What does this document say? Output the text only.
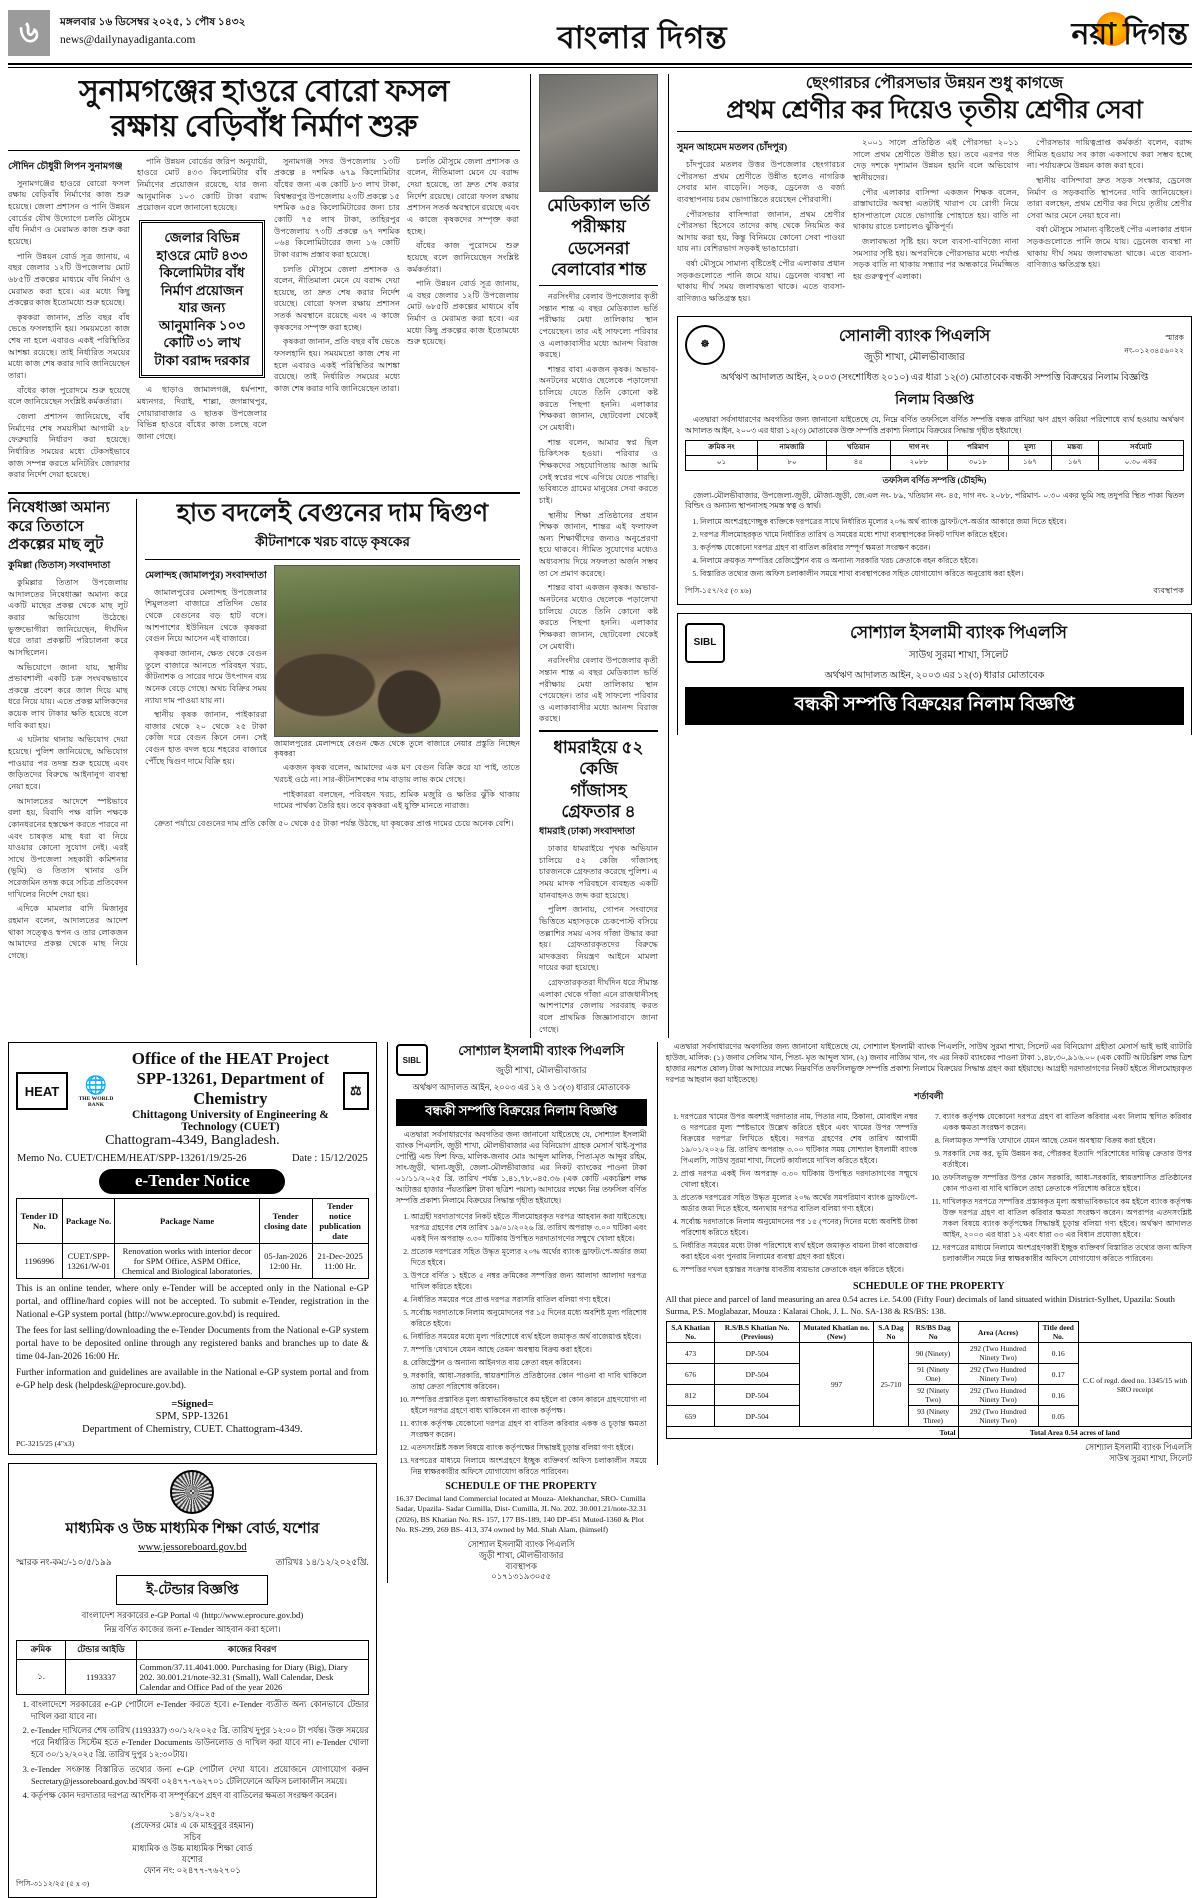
৬	মঙ্গলবার ১৬ ডিসেম্বর ২০২৫, ১ পৌষ ১৪৩২
news@dailynayadiganta.com	বাংলার দিগন্ত	নয়া দিগন্ত
সুনামগঞ্জের হাওরে বোরো ফসল
রক্ষায় বেড়িবাঁধ নির্মাণ শুরু
সৌদিন চৌধুরী লিপন সুনামগঞ্জ

সুনামগঞ্জের হাওরে বোরো ফসল রক্ষায় বেড়িবাঁধ নির্মাণের কাজ শুরু হয়েছে। জেলা প্রশাসন ও পানি উন্নয়ন বোর্ডের যৌথ উদ্যোগে চলতি মৌসুমে বাঁধ নির্মাণ ও মেরামত কাজ শুরু করা হয়েছে।

পানি উন্নয়ন বোর্ড সূত্র জানায়, এ বছর জেলার ১২টি উপজেলায় মোট ৬৮৫টি প্রকল্পের মাধ্যমে বাঁধ নির্মাণ ও মেরামত করা হবে। এর মধ্যে কিছু প্রকল্পের কাজ ইতোমধ্যে শুরু হয়েছে।

কৃষকরা জানান, প্রতি বছর বাঁধ ভেঙে ফসলহানি হয়। সময়মতো কাজ শেষ না হলে এবারও একই পরিস্থিতির আশঙ্কা রয়েছে। তাই নির্ধারিত সময়ের মধ্যে কাজ শেষ করার দাবি জানিয়েছেন তারা।

বাঁধের কাজ পুরোদমে শুরু হয়েছে বলে জানিয়েছেন সংশ্লিষ্ট কর্মকর্তারা।

জেলা প্রশাসন জানিয়েছে, বাঁধ নির্মাণের শেষ সময়সীমা আগামী ২৮ ফেব্রুয়ারি নির্ধারণ করা হয়েছে। নির্ধারিত সময়ের মধ্যে টেকসইভাবে কাজ সম্পন্ন করতে মনিটরিং জোরদার করার নির্দেশ দেয়া হয়েছে।

পানি উন্নয়ন বোর্ডের জরিপ অনুযায়ী, হাওরে মোট ৪৩৩ কিলোমিটার বাঁধ নির্মাণের প্রয়োজন রয়েছে, যার জন্য আনুমানিক ১০৩ কোটি টাকা বরাদ্দ প্রয়োজন বলে জানানো হয়েছে।

জেলার বিভিন্ন হাওরে মোট ৪৩৩ কিলোমিটার বাঁধ নির্মাণ প্রয়োজন যার জন্য আনুমানিক ১০৩ কোটি ৩১ লাখ টাকা বরাদ্দ দরকার

এ ছাড়াও জামালগঞ্জ, ধর্মপাশা, মধ্যনগর, দিরাই, শাল্লা, জগন্নাথপুর, দোয়ারাবাজার ও ছাতক উপজেলার বিভিন্ন হাওরে বাঁধের কাজ চলছে বলে জানা গেছে।

সুনামগঞ্জ সদর উপজেলায় ১৩টি প্রকল্পে ৪ দশমিক ৬৭৯ কিলোমিটার বাঁধের জন্য এক কোটি ৮৩ লাখ টাকা, বিশ্বম্ভরপুর উপজেলায় ২৩টি প্রকল্পে ১৫ দশমিক ৬৫৪ কিলোমিটারের জন্য চার কোটি ৭৫ লাখ টাকা, তাহিরপুর উপজেলায় ৭৩টি প্রকল্পে ৬৭ দশমিক ০৬৪ কিলোমিটারের জন্য ১৬ কোটি টাকা বরাদ্দ প্রস্তাব করা হয়েছে।

চলতি মৌসুমে জেলা প্রশাসক ও বলেন, নীতিমালা মেনে যে বরাদ্দ দেয়া হয়েছে, তা দ্রুত শেষ করার নির্দেশ রয়েছে। বোরো ফসল রক্ষায় প্রশাসন সতর্ক অবস্থানে রয়েছে এবং এ কাজে কৃষকদের সম্পৃক্ত করা হচ্ছে।

কৃষকরা জানান, প্রতি বছর বাঁধ ভেঙে ফসলহানি হয়। সময়মতো কাজ শেষ না হলে এবারও একই পরিস্থিতির আশঙ্কা রয়েছে। তাই নির্ধারিত সময়ের মধ্যে কাজ শেষ করার দাবি জানিয়েছেন তারা।

চলতি মৌসুমে জেলা প্রশাসক ও বলেন, নীতিমালা মেনে যে বরাদ্দ দেয়া হয়েছে, তা দ্রুত শেষ করার নির্দেশ রয়েছে। বোরো ফসল রক্ষায় প্রশাসন সতর্ক অবস্থানে রয়েছে এবং এ কাজে কৃষকদের সম্পৃক্ত করা হচ্ছে।

বাঁধের কাজ পুরোদমে শুরু হয়েছে বলে জানিয়েছেন সংশ্লিষ্ট কর্মকর্তারা।

পানি উন্নয়ন বোর্ড সূত্র জানায়, এ বছর জেলার ১২টি উপজেলায় মোট ৬৮৫টি প্রকল্পের মাধ্যমে বাঁধ নির্মাণ ও মেরামত করা হবে। এর মধ্যে কিছু প্রকল্পের কাজ ইতোমধ্যে শুরু হয়েছে।

নিষেধাজ্ঞা অমান্য করে তিতাসে প্রকল্পের মাছ লুট
কুমিল্লা (তিতাস) সংবাদদাতা

কুমিল্লার তিতাস উপজেলায় আদালতের নিষেধাজ্ঞা অমান্য করে একটি মাছের প্রকল্প থেকে মাছ লুট করার অভিযোগ উঠেছে। ভুক্তভোগীরা জানিয়েছেন, দীর্ঘদিন ধরে তারা প্রকল্পটি পরিচালনা করে আসছিলেন।

অভিযোগে জানা যায়, স্থানীয় প্রভাবশালী একটি চক্র সংঘবদ্ধভাবে প্রকল্পে প্রবেশ করে জাল দিয়ে মাছ ধরে নিয়ে যায়। এতে প্রকল্প মালিকদের কয়েক লাখ টাকার ক্ষতি হয়েছে বলে দাবি করা হয়।

এ ঘটনায় থানায় অভিযোগ দেয়া হয়েছে। পুলিশ জানিয়েছে, অভিযোগ পাওয়ার পর তদন্ত শুরু হয়েছে এবং জড়িতদের বিরুদ্ধে আইনানুগ ব্যবস্থা নেয়া হবে।

আদালতের আদেশে স্পষ্টভাবে বলা হয়, বিবাদি পক্ষ বালি পক্ষকে কোনধরনের হস্তক্ষেপ করতে পারবে না এবং চাষকৃত মাছ ধরা বা নিয়ে যাওয়ার কোনো সুযোগ নেই। এরই সাথে উপজেলা সহকারী কমিশনার (ভূমি) ও তিতাস থানার ওসি সরেজমিন তদন্ত করে সচিত্র প্রতিবেদন দাখিলের নির্দেশ দেয়া হয়।

এদিকে মামলার বাদি মিজানুর রহমান বলেন, আদালতের আদেশ থাকা সত্ত্বেও স্বপন ও তার লোকজন আমাদের প্রকল্প থেকে মাছ নিয়ে গেছে।

হাত বদলেই বেগুনের দাম দ্বিগুণ
কীটনাশকে খরচ বাড়ে কৃষকের
মেলান্দহ (জামালপুর) সংবাদদাতা

জামালপুরের মেলান্দহ উপজেলার শিমুলতলা বাজারে প্রতিদিন ভোর থেকে বেগুনের বড় হাট বসে। আশপাশের ইউনিয়ন থেকে কৃষকরা বেগুন নিয়ে আসেন এই বাজারে।

কৃষকরা জানান, ক্ষেত থেকে বেগুন তুলে বাজারে আনতে পরিবহন খরচ, কীটনাশক ও সারের দামে উৎপাদন ব্যয় অনেক বেড়ে গেছে। অথচ বিক্রির সময় ন্যায্য দাম পাওয়া যায় না।

স্থানীয় কৃষক জানান, পাইকাররা বাজার থেকে ২০ থেকে ২৫ টাকা কেজি দরে বেগুন কিনে নেন। সেই বেগুন হাত বদল হয়ে শহরের বাজারে পৌঁছে দ্বিগুণ দামে বিক্রি হয়।

জামালপুরের মেলান্দহে বেগুন ক্ষেত থেকে তুলে বাজারে নেয়ার প্রস্তুতি নিচ্ছেন কৃষকরা

একজন কৃষক বলেন, আমাদের এক মণ বেগুন বিক্রি করে যা পাই, তাতে খরচই ওঠে না। সার-কীটনাশকের দাম বাড়ায় লাভ কমে গেছে।

পাইকাররা বলছেন, পরিবহন খরচ, শ্রমিক মজুরি ও ক্ষতির ঝুঁকি থাকায় দামের পার্থক্য তৈরি হয়। তবে কৃষকরা এই যুক্তি মানতে নারাজ।

ক্রেতা পর্যায়ে বেগুনের দাম প্রতি কেজি ৫০ থেকে ৫৫ টাকা পর্যন্ত উঠছে, যা কৃষকের প্রাপ্ত দামের চেয়ে অনেক বেশি।

মেডিক্যাল ভর্তি
পরীক্ষায় ডেসেনরা
বেলাবোর শান্ত

নরসিংদীর বেলাব উপজেলার কৃতী সন্তান শান্ত এ বছর মেডিক্যাল ভর্তি পরীক্ষায় মেধা তালিকায় স্থান পেয়েছেন। তার এই সাফল্যে পরিবার ও এলাকাবাসীর মধ্যে আনন্দ বিরাজ করছে।

শান্তর বাবা একজন কৃষক। অভাব-অনটনের মধ্যেও ছেলেকে পড়ালেখা চালিয়ে যেতে তিনি কোনো কষ্ট করতে পিছপা হননি। এলাকার শিক্ষকরা জানান, ছোটবেলা থেকেই সে মেধাবী।

শান্ত বলেন, আমার স্বপ্ন ছিল চিকিৎসক হওয়া। পরিবার ও শিক্ষকদের সহযোগিতায় আজ আমি সেই স্বপ্নের পথে এগিয়ে যেতে পারছি। ভবিষ্যতে গ্রামের মানুষের সেবা করতে চাই।

স্থানীয় শিক্ষা প্রতিষ্ঠানের প্রধান শিক্ষক জানান, শান্তর এই ফলাফল অন্য শিক্ষার্থীদের জন্যও অনুপ্রেরণা হয়ে থাকবে। সীমিত সুযোগের মধ্যেও অধ্যবসায় দিয়ে সফলতা অর্জন সম্ভব তা সে প্রমাণ করেছে।

শান্তর বাবা একজন কৃষক। অভাব-অনটনের মধ্যেও ছেলেকে পড়ালেখা চালিয়ে যেতে তিনি কোনো কষ্ট করতে পিছপা হননি। এলাকার শিক্ষকরা জানান, ছোটবেলা থেকেই সে মেধাবী।

নরসিংদীর বেলাব উপজেলার কৃতী সন্তান শান্ত এ বছর মেডিক্যাল ভর্তি পরীক্ষায় মেধা তালিকায় স্থান পেয়েছেন। তার এই সাফল্যে পরিবার ও এলাকাবাসীর মধ্যে আনন্দ বিরাজ করছে।

ধামরাইয়ে ৫২ কেজি
গাঁজাসহ গ্রেফতার ৪
ধামরাই (ঢাকা) সংবাদদাতা

ঢাকার ধামরাইয়ে পৃথক অভিযান চালিয়ে ৫২ কেজি গাঁজাসহ চারজনকে গ্রেফতার করেছে পুলিশ। এ সময় মাদক পরিবহনে ব্যবহৃত একটি যানবাহনও জব্দ করা হয়েছে।

পুলিশ জানায়, গোপন সংবাদের ভিত্তিতে মহাসড়কে চেকপোস্ট বসিয়ে তল্লাশির সময় এসব গাঁজা উদ্ধার করা হয়। গ্রেফতারকৃতদের বিরুদ্ধে মাদকদ্রব্য নিয়ন্ত্রণ আইনে মামলা দায়ের করা হয়েছে।

গ্রেফতারকৃতরা দীর্ঘদিন ধরে সীমান্ত এলাকা থেকে গাঁজা এনে রাজধানীসহ আশপাশের জেলায় সরবরাহ করত বলে প্রাথমিক জিজ্ঞাসাবাদে জানা গেছে।

ছেংগারচর পৌরসভার উন্নয়ন শুধু কাগজে
প্রথম শ্রেণীর কর দিয়েও তৃতীয় শ্রেণীর সেবা
সুমন আহমেদ মতলব (চাঁদপুর)

চাঁদপুরের মতলব উত্তর উপজেলার ছেংগারচর পৌরসভা প্রথম শ্রেণীতে উন্নীত হলেও নাগরিক সেবার মান বাড়েনি। সড়ক, ড্রেনেজ ও বর্জ্য ব্যবস্থাপনায় চরম ভোগান্তিতে রয়েছেন পৌরবাসী।

পৌরসভার বাসিন্দারা জানান, প্রথম শ্রেণীর পৌরসভা হিসেবে তাদের কাছ থেকে নিয়মিত কর আদায় করা হয়, কিন্তু বিনিময়ে কোনো সেবা পাওয়া যায় না। বেশিরভাগ সড়কই ভাঙাচোরা।

বর্ষা মৌসুমে সামান্য বৃষ্টিতেই পৌর এলাকার প্রধান সড়কগুলোতে পানি জমে যায়। ড্রেনেজ ব্যবস্থা না থাকায় দীর্ঘ সময় জলাবদ্ধতা থাকে। এতে ব্যবসা-বাণিজ্যও ক্ষতিগ্রস্ত হয়।

২০০১ সালে প্রতিষ্ঠিত এই পৌরসভা ২০১১ সালে প্রথম শ্রেণীতে উন্নীত হয়। তবে এরপর গত দেড় দশকে দৃশ্যমান উন্নয়ন হয়নি বলে অভিযোগ স্থানীয়দের।

পৌর এলাকার বাসিন্দা একজন শিক্ষক বলেন, রাস্তাঘাটের অবস্থা এতটাই খারাপ যে রোগী নিয়ে হাসপাতালে যেতে ভোগান্তি পোহাতে হয়। বাতি না থাকায় রাতে চলাচলও ঝুঁকিপূর্ণ।

জলাবদ্ধতা সৃষ্টি হয়। ফলে ব্যবসা-বাণিজ্যে নানা সমস্যার সৃষ্টি হয়। অপরদিকে পৌরসভার মধ্যে পর্যাপ্ত সড়ক বাতি না থাকায় সন্ধ্যার পর অন্ধকারে নিমজ্জিত হয় গুরুত্বপূর্ণ এলাকা।

পৌরসভার দায়িত্বপ্রাপ্ত কর্মকর্তা বলেন, বরাদ্দ সীমিত হওয়ায় সব কাজ একসাথে করা সম্ভব হচ্ছে না। পর্যায়ক্রমে উন্নয়ন কাজ করা হবে।

স্থানীয় বাসিন্দারা দ্রুত সড়ক সংস্কার, ড্রেনেজ নির্মাণ ও সড়কবাতি স্থাপনের দাবি জানিয়েছেন। তারা বলছেন, প্রথম শ্রেণীর কর দিয়ে তৃতীয় শ্রেণীর সেবা আর মেনে নেয়া হবে না।

বর্ষা মৌসুমে সামান্য বৃষ্টিতেই পৌর এলাকার প্রধান সড়কগুলোতে পানি জমে যায়। ড্রেনেজ ব্যবস্থা না থাকায় দীর্ঘ সময় জলাবদ্ধতা থাকে। এতে ব্যবসা-বাণিজ্যও ক্ষতিগ্রস্ত হয়।

☸	সোনালী ব্যাংক পিএলসি
জুড়ী শাখা, মৌলভীবাজার
স্মারক নং-০১২৩৪৫৬০২২
অর্থঋণ আদালত আইন, ২০০৩ (সংশোধিত ২০১০) এর ধারা ১২(৩) মোতাবেক বন্ধকী সম্পত্তি বিক্রয়ের নিলাম বিজ্ঞপ্তি
নিলাম বিজ্ঞপ্তি

এতদ্বারা সর্বসাধারণের অবগতির জন্য জানানো যাইতেছে যে, নিম্নে বর্ণিত তফসিলে বর্ণিত সম্পত্তি বন্ধক রাখিয়া ঋণ গ্রহণ করিয়া পরিশোধে ব্যর্থ হওয়ায় অর্থঋণ আদালত আইন, ২০০৩ এর ধারা ১২(৩) মোতাবেক উক্ত সম্পত্তি প্রকাশ্য নিলামে বিক্রয়ের সিদ্ধান্ত গৃহীত হইয়াছে।

ক্রমিক নং	নামজারি	খতিয়ান	দাগ নং	পরিমাণ	মূল্য	মন্তব্য	সর্বমোট
০১	৮০	৪৫	২০৮৮	৩০১৮	১৬৭	১৬৭	০.৩০ একর
তফসিল বর্ণিত সম্পত্তি (চৌহদ্দি)

জেলা-মৌলভীবাজার, উপজেলা-জুড়ী, মৌজা-জুড়ী, জে.এল নং- ৮৯, খতিয়ান নং- ৪৫, দাগ নং- ২০৮৮, পরিমাণ- ০.৩০ একর ভূমি সহ তদুপরি স্থিত পাকা দ্বিতল বিল্ডিং ও অন্যান্য স্থাপনাসহ সমস্ত স্বত্ব ও স্বার্থ।

1. নিলামে অংশগ্রহণেচ্ছুক ব্যক্তিকে দরপত্রের সাথে নির্ধারিত মূল্যের ২০% অর্থ ব্যাংক ড্রাফট/পে-অর্ডার আকারে জমা দিতে হইবে।
2. দরপত্র সীলমোহরকৃত খামে নির্ধারিত তারিখ ও সময়ের মধ্যে শাখা ব্যবস্থাপকের নিকট দাখিল করিতে হইবে।
3. কর্তৃপক্ষ যেকোনো দরপত্র গ্রহণ বা বাতিল করিবার সম্পূর্ণ ক্ষমতা সংরক্ষণ করেন।
4. নিলামে ক্রয়কৃত সম্পত্তির রেজিস্ট্রেশন ব্যয় ও অন্যান্য সরকারি খরচ ক্রেতাকে বহন করিতে হইবে।
5. বিস্তারিত তথ্যের জন্য অফিস চলাকালীন সময়ে শাখা ব্যবস্থাপকের সহিত যোগাযোগ করিতে অনুরোধ করা হইল।
পিসি-১৫৭/২৫ (৩ x৬)	ব্যবস্থাপক
SIBL
সোশ্যাল ইসলামী ব্যাংক পিএলসি
সাউথ সুরমা শাখা, সিলেট
অর্থঋণ আদালত আইন, ২০০৩ এর ১২(৩) ধারার মোতাবেক
বন্ধকী সম্পত্তি বিক্রয়ের নিলাম বিজ্ঞপ্তি
HEAT	🌐
THE WORLD BANK
Office of the HEAT Project
SPP-13261, Department of Chemistry
Chittagong University of Engineering & Technology (CUET)
⚖
Chattogram-4349, Bangladesh.
Memo No. CUET/CHEM/HEAT/SPP-13261/19/25-26	Date : 15/12/2025
e-Tender Notice
Tender ID No.	Package No.	Package Name	Tender closing date	Tender notice publication date
1196996	CUET/SPP-13261/W-01	Renovation works with interior decor for SPM Office, ASPM Office, Chemical and Biological laboratories.	05-Jan-2026 12:00 Hr.	21-Dec-2025 11:00 Hr.
This is an online tender, where only e-Tender will be accepted only in the National e-GP portal, and offline/hard copies will not be accepted. To submit e-Tender, registration in the National e-GP system portal (http://www.eprocure.gov.bd) is required.
The fees for last selling/downloading the e-Tender Documents from the National e-GP system portal have to be deposited online through any registered banks and branches up to date & time 04-Jan-2026 16:00 Hr.
Further information and guidelines are available in the National e-GP system portal and from e-GP help desk (helpdesk@eprocure.gov.bd).
=Signed=
SPM, SPP-13261
Department of Chemistry, CUET. Chattogram-4349.
PC-3215/25 (4"x3)
মাধ্যমিক ও উচ্চ মাধ্যমিক শিক্ষা বোর্ড, যশোর
www.jessoreboard.gov.bd
স্মারক নং-কম:/-১০/৫/১৯৯	তারিখঃ ১৪/১২/২০২৫খ্রি.
ই-টেন্ডার বিজ্ঞপ্তি
বাংলাদেশ সরকারের e-GP Portal এ (http://www.eprocure.gov.bd)
নিম্ন বর্ণিত কাজের জন্য e-Tender আহবান করা হলো।
ক্রমিক	টেন্ডার আইডি	কাজের বিবরণ
১.	1193337	Common/37.11.4041.000. Purchasing for Diary (Big), Diary 202. 30.001.21/note-32.31 (Small), Wall Calendar, Desk Calendar and Office Pad of the year 2026
1. বাংলাদেশে সরকারের e-GP পোর্টালে e-Tender করতে হবে। e-Tender ব্যতীত অন্য কোনভাবে টেন্ডার দাখিল করা যাবে না।
2. e-Tender দাখিলের শেষ তারিখ (1193337) ৩০/১২/২০২৫ খ্রি. তারিখ দুপুর ১২:০০ টা পর্যন্ত। উক্ত সময়ের পরে নির্ধারিত সিস্টেম হতে e-Tender Documents ডাউনলোড ও দাখিল করা যাবে না। e-Tender খোলা হবে ৩০/১২/২০২৫ খ্রি. তারিখ দুপুর ১২:৩০টায়।
3. e-Tender সংক্রান্ত বিস্তারিত তথ্যের জন্য e-GP পোর্টাল দেখা যাবে। প্রয়োজনে যোগাযোগ করুন Secretary@jessoreboard.gov.bd অথবা ০২৪৭৭-৭৬২৭০১ টেলিফোনে অফিস চলাকালীন সময়ে।
4. কর্তৃপক্ষ কোন দরদাতার দরপত্র আংশিক বা সম্পূর্ণরূপে গ্রহণ বা বাতিলের ক্ষমতা সংরক্ষণ করেন।
১৪/১২/২০২৫
(প্রফেসর মোঃ এ কে মাহবুবুর রহমান)
সচিব
মাধ্যমিক ও উচ্চ মাধ্যমিক শিক্ষা বোর্ড
যশোর
ফোন নং: ০২৪৭৭-৭৬২৭০১
পিসি-৩১১২/২৫ (৫ x ৩)
SIBL
সোশ্যাল ইসলামী ব্যাংক পিএলসি
জুড়ী শাখা, মৌলভীবাজার
অর্থঋণ আদালত আইন, ২০০৩ এর ১২ ও ১৩(৩) ধারার মোতাবেক
বন্ধকী সম্পত্তি বিক্রয়ের নিলাম বিজ্ঞপ্তি

এতদ্বারা সর্বসাধারণের অবগতির জন্য জানানো যাইতেছে যে, সোশ্যাল ইসলামী ব্যাংক পিএলসি, জুড়ী শাখা, মৌলভীবাজার এর বিনিয়োগ গ্রাহক মেসার্স খাই-সুপার পোল্ট্রি এন্ড ফিশ ফিড, মালিক-জনাব মোঃ আব্দুল মালিক, পিতা-মৃত আব্দুর রহিম, সাং-জুড়ী, থানা-জুড়ী, জেলা-মৌলভীবাজার এর নিকট ব্যাংকের পাওনা টাকা ০১/১১/২০২৫ খ্রি. তারিখ পর্যন্ত ১,৪১,৭৮,০৪৫.৩৬ (এক কোটি একচল্লিশ লক্ষ আটাত্তর হাজার পঁয়তাল্লিশ টাকা ছত্রিশ পয়সা) আদায়ের লক্ষ্যে নিম্ন তফসিল বর্ণিত সম্পত্তি প্রকাশ্য নিলামে বিক্রয়ের সিদ্ধান্ত গৃহীত হইয়াছে।

1. আগ্রহী দরদাতাগণের নিকট হইতে সীলমোহরকৃত দরপত্র আহবান করা যাইতেছে। দরপত্র গ্রহণের শেষ তারিখ ১৯/০১/২০২৬ খ্রি. তারিখ অপরাহ্ন ৩.০০ ঘটিকা এবং একই দিন অপরাহ্ন ৩.৩০ ঘটিকায় উপস্থিত দরদাতাগণের সম্মুখে খোলা হইবে।
2. প্রত্যেক দরপত্রের সহিত উদ্ধৃত মূল্যের ২০% অর্থের ব্যাংক ড্রাফট/পে-অর্ডার জমা দিতে হইবে।
3. উপরে বর্ণিত ১ হইতে ৫ নম্বর ক্রমিকের সম্পত্তির জন্য আলাদা আলাদা দরপত্র দাখিল করিতে হইবে।
4. নির্ধারিত সময়ের পরে প্রাপ্ত দরপত্র সরাসরি বাতিল বলিয়া গণ্য হইবে।
5. সর্বোচ্চ দরদাতাকে নিলাম অনুমোদনের পর ১৫ দিনের মধ্যে অবশিষ্ট মূল্য পরিশোধ করিতে হইবে।
6. নির্ধারিত সময়ের মধ্যে মূল্য পরিশোধে ব্যর্থ হইলে জমাকৃত অর্থ বাজেয়াপ্ত হইবে।
7. সম্পত্তি 'যেখানে যেমন আছে তেমন' অবস্থায় বিক্রয় করা হইবে।
8. রেজিস্ট্রেশন ও অন্যান্য আইনগত ব্যয় ক্রেতা বহন করিবেন।
9. সরকারি, আধা-সরকারি, স্বায়ত্তশাসিত প্রতিষ্ঠানের কোন পাওনা বা দাবি থাকিলে তাহা ক্রেতা পরিশোধ করিবেন।
10. সম্পত্তির প্রস্তাবিত মূল্য অস্বাভাবিকভাবে কম হইলে বা কোন কারনে গ্রহণযোগ্য না হইলে দরপত্র গ্রহণে বাধ্য থাকিবেন না ব্যাংক কর্তৃপক্ষ।
11. ব্যাংক কর্তৃপক্ষ যেকোনো দরপত্র গ্রহণ বা বাতিল করিবার একক ও চূড়ান্ত ক্ষমতা সংরক্ষণ করেন।
12. এতদসংশ্লিষ্ট সকল বিষয়ে ব্যাংক কর্তৃপক্ষের সিদ্ধান্তই চূড়ান্ত বলিয়া গণ্য হইবে।
13. দরপত্রের মাধ্যমে নিলামে অংশগ্রহণে ইচ্ছুক ব্যক্তিবর্গ অফিস চলাকালীন সময়ে নিম্ন স্বাক্ষরকারীর অফিসে যোগাযোগ করিতে পারিবেন।
SCHEDULE OF THE PROPERTY
16.37 Decimal land Commercial located at Mouza- Alekhanchar, SRO- Cumilla Sadar, Upazila- Sadar Cumilla, Dist- Cumilla, JL No. 202. 30.001.21/note-32.31 (2026), BS Khatian No. RS- 157, 177 BS-189, 140 DP-451 Muted-1360 & Plot No. RS-299, 269 BS- 413, 374 owned by Md. Shah Alam, (himself)
সোশ্যাল ইসলামী ব্যাংক পিএলসি
জুড়ী শাখা, মৌলভীবাজার
ব্যবস্থাপক
০১৭১৩১৯৩০৫৫

এতদ্বারা সর্বসাধারণের অবগতির জন্য জানানো যাইতেছে যে, সোশ্যাল ইসলামী ব্যাংক পিএলসি, সাউথ সুরমা শাখা, সিলেট এর বিনিয়োগ গ্রহীতা মেসার্স ভাই ভাই ব্যাটারি হাউজ, মালিক: (১) জনাব সেলিম খান, পিতা- মৃত আব্দুল খান, (২) জনাব নাজিম খান, গং এর নিকট ব্যাংকের পাওনা টাকা ১,৪৮,৩০,৯১৬.০০ (এক কোটি আটচল্লিশ লক্ষ ত্রিশ হাজার নয়শত ষোল) টাকা আদায়ের লক্ষ্যে নিম্নবর্ণিত তফসিলভুক্ত সম্পত্তি প্রকাশ্য নিলামে বিক্রয়ের সিদ্ধান্ত গ্রহণ করা হইয়াছে। আগ্রহী দরদাতাগণের নিকট হইতে সীলমোহরকৃত দরপত্র আহবান করা যাইতেছে।

শর্তাবলী
1. দরপত্রের খামের উপর অবশ্যই দরদাতার নাম, পিতার নাম, ঠিকানা, মোবাইল নম্বর ও দরপত্রের মূল্য স্পষ্টভাবে উল্লেখ করিতে হইবে এবং খামের উপর 'সম্পত্তি বিক্রয়ের দরপত্র' লিখিতে হইবে। দরপত্র গ্রহণের শেষ তারিখ আগামী ১৯/০১/২০২৬ খ্রি. তারিখ অপরাহ্ন ৩.০০ ঘটিকার সময় সোশ্যাল ইসলামী ব্যাংক পিএলসি, সাউথ সুরমা শাখা, সিলেট কার্যালয়ে দাখিল করিতে হইবে।
2. প্রাপ্ত দরপত্র একই দিন অপরাহ্ন ৩.৩০ ঘটিকায় উপস্থিত দরদাতাগণের সম্মুখে খোলা হইবে।
3. প্রত্যেক দরপত্রের সহিত উদ্ধৃত মূল্যের ২০% অর্থের সমপরিমাণ ব্যাংক ড্রাফট/পে-অর্ডার জমা দিতে হইবে, অন্যথায় দরপত্র বাতিল বলিয়া গণ্য হইবে।
4. সর্বোচ্চ দরদাতাকে নিলাম অনুমোদনের পর ১৫ (পনের) দিনের মধ্যে অবশিষ্ট টাকা পরিশোধ করিতে হইবে।
5. নির্ধারিত সময়ের মধ্যে টাকা পরিশোধে ব্যর্থ হইলে জমাকৃত বায়না টাকা বাজেয়াপ্ত করা হইবে এবং পুনরায় নিলামের ব্যবস্থা গ্রহণ করা হইবে।
6. সম্পত্তির দখল হস্তান্তর সংক্রান্ত যাবতীয় ব্যয়ভার ক্রেতাকে বহন করিতে হইবে।
7. ব্যাংক কর্তৃপক্ষ যেকোনো দরপত্র গ্রহণ বা বাতিল করিবার এবং নিলাম স্থগিত করিবার একক ক্ষমতা সংরক্ষণ করেন।
8. নিলামকৃত সম্পত্তি 'যেখানে যেমন আছে তেমন অবস্থায়' বিক্রয় করা হইবে।
9. সরকারি দেয় কর, ভূমি উন্নয়ন কর, পৌরকর ইত্যাদি পরিশোধের দায়িত্ব ক্রেতার উপর বর্তাইবে।
10. তফসিলভুক্ত সম্পত্তির উপর কোন সরকারি, আধা-সরকারি, স্বায়ত্তশাসিত প্রতিষ্ঠানের কোন পাওনা বা দাবি থাকিলে তাহা ক্রেতাকে পরিশোধ করিতে হইবে।
11. দাখিলকৃত দরপত্রে সম্পত্তির প্রস্তাবকৃত মূল্য অস্বাভাবিকভাবে কম হইলে ব্যাংক কর্তৃপক্ষ উক্ত দরপত্র গ্রহণ বা বাতিল করিবার ক্ষমতা সংরক্ষণ করেন। অপরাপর এতদসংশ্লিষ্ট সকল বিষয়ে ব্যাংক কর্তৃপক্ষের সিদ্ধান্তই চূড়ান্ত বলিয়া গণ্য হইবে। অর্থঋণ আদালত আইন, ২০০৩ এর ধারা ১২ এবং ধারা ৩৩ এর বিধান প্রযোজ্য হইবে।
12. দরপত্রের মাধ্যমে নিলামে অংশগ্রহণকারী ইচ্ছুক ব্যক্তিবর্গ বিস্তারিত তথ্যের জন্য অফিস চলাকালীন সময়ে নিম্ন স্বাক্ষরকারীর অফিসে যোগাযোগ করিতে পারিবেন।
SCHEDULE OF THE PROPERTY
All that piece and parcel of land measuring an area 0.54 acres i.e. 54.00 (Fifty Four) decimals of land situated within District-Sylhet, Upazila: South Surma, P.S. Moglabazar, Mouza : Kalarai Chok, J. L. No. SA-138 & RS/BS: 138.
S.A Khatian No.	R.S/B.S Khatian No. (Previous)	Mutated Khatian no. (New)	S.A Dag No	RS/BS Dag No	Area (Acres)	Title deed No.	
473	DP-504	997	25-710	90 (Ninety)	292 (Two Hundred Ninety Two)	0.16	C.C of regd. deed no. 1345/15 with SRO receipt
676	DP-504			91 (Ninety One)	292 (Two Hundred Ninety Two)	0.17	
812	DP-504			92 (Ninety Two)	292 (Two Hundred Ninety Two)	0.16	
659	DP-504			93 (Ninety Three)	292 (Two Hundred Ninety Two)	0.05	
Total					Total Area 0.54 acres of land		
সোশ্যাল ইসলামী ব্যাংক পিএলসি
সাউথ সুরমা শাখা, সিলেট
